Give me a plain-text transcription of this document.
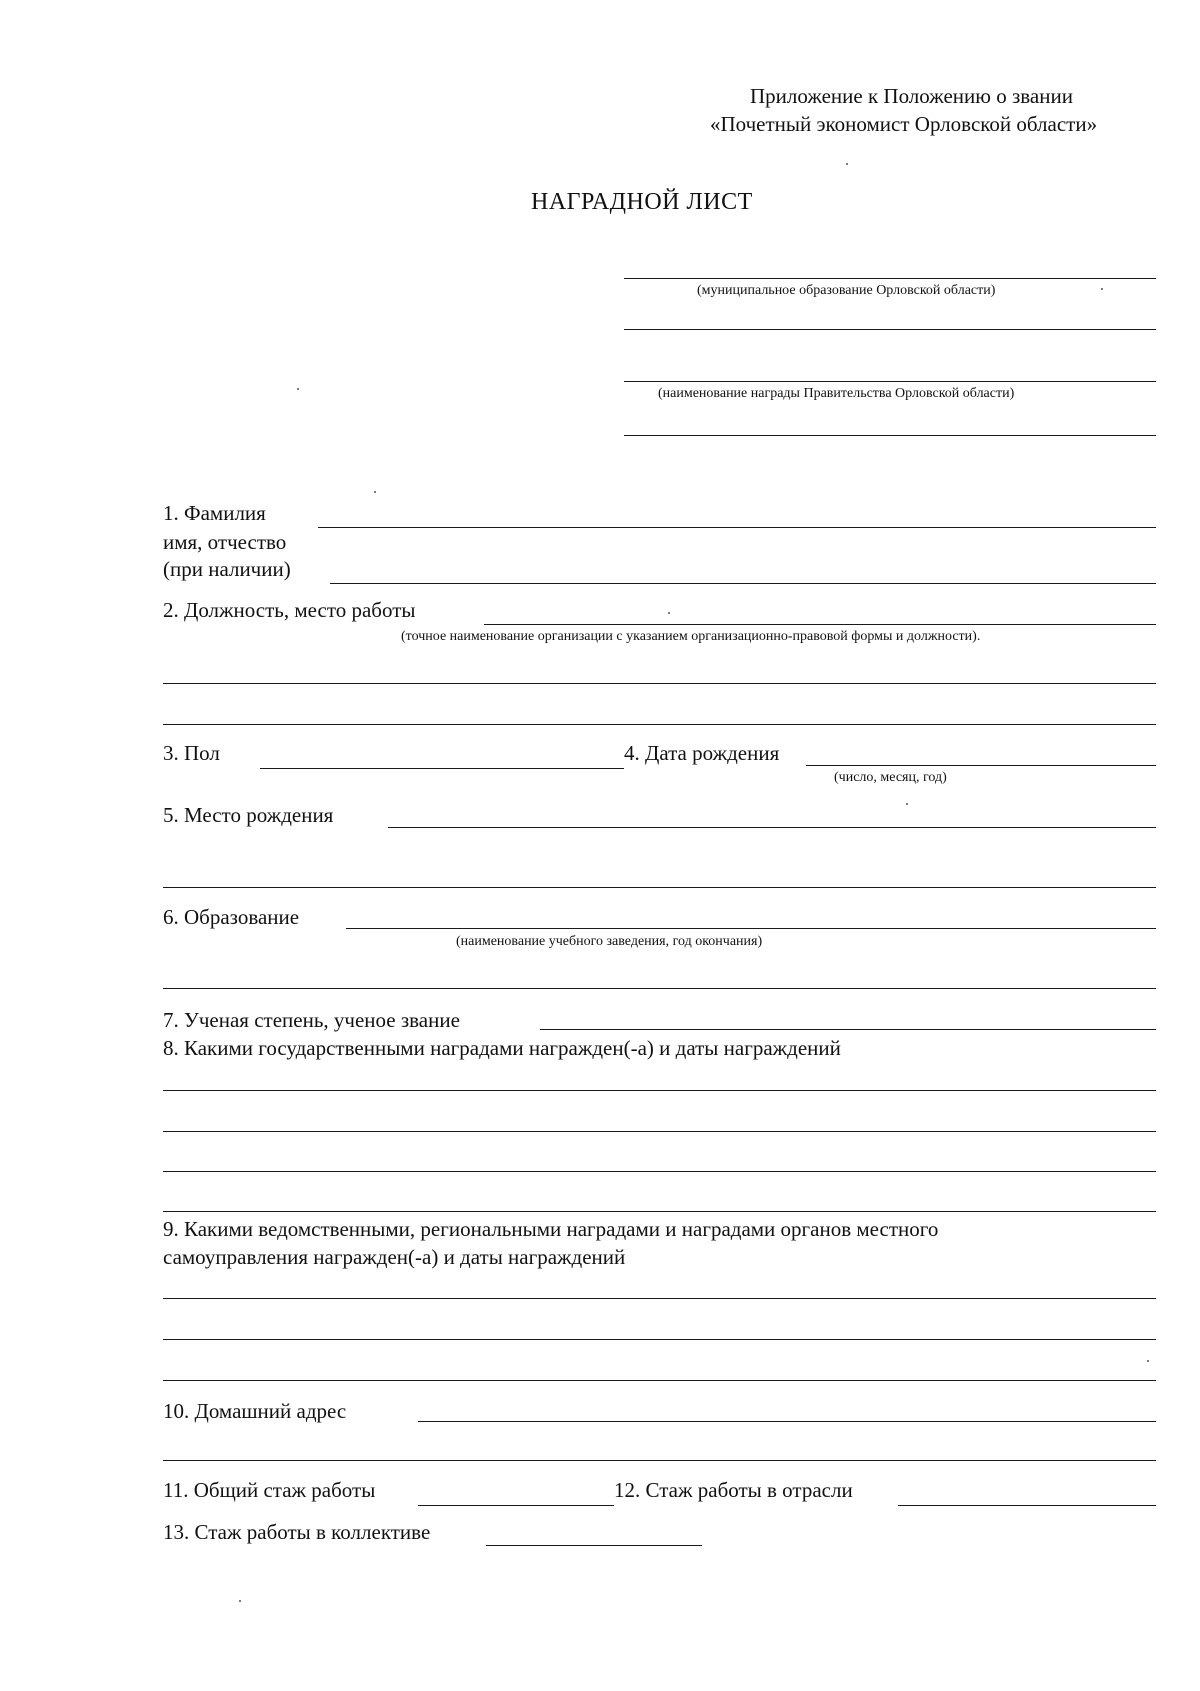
Приложение к Положению о звании
«Почетный экономист Орловской области»
НАГРАДНОЙ ЛИСТ
(муниципальное образование Орловской области)
(наименование награды Правительства Орловской области)
1. Фамилия
имя, отчество
(при наличии)
2. Должность, место работы
(точное наименование организации с указанием организационно-правовой формы и должности).
3. Пол	4. Дата рождения
(число, месяц, год)
5. Место рождения
6. Образование
(наименование учебного заведения, год окончания)
7. Ученая степень, ученое звание
8. Какими государственными наградами награжден(-а) и даты награждений
9. Какими ведомственными, региональными наградами и наградами органов местного
самоуправления награжден(-а) и даты награждений
10. Домашний адрес
11. Общий стаж работы	12. Стаж работы в отрасли
13. Стаж работы в коллективе
